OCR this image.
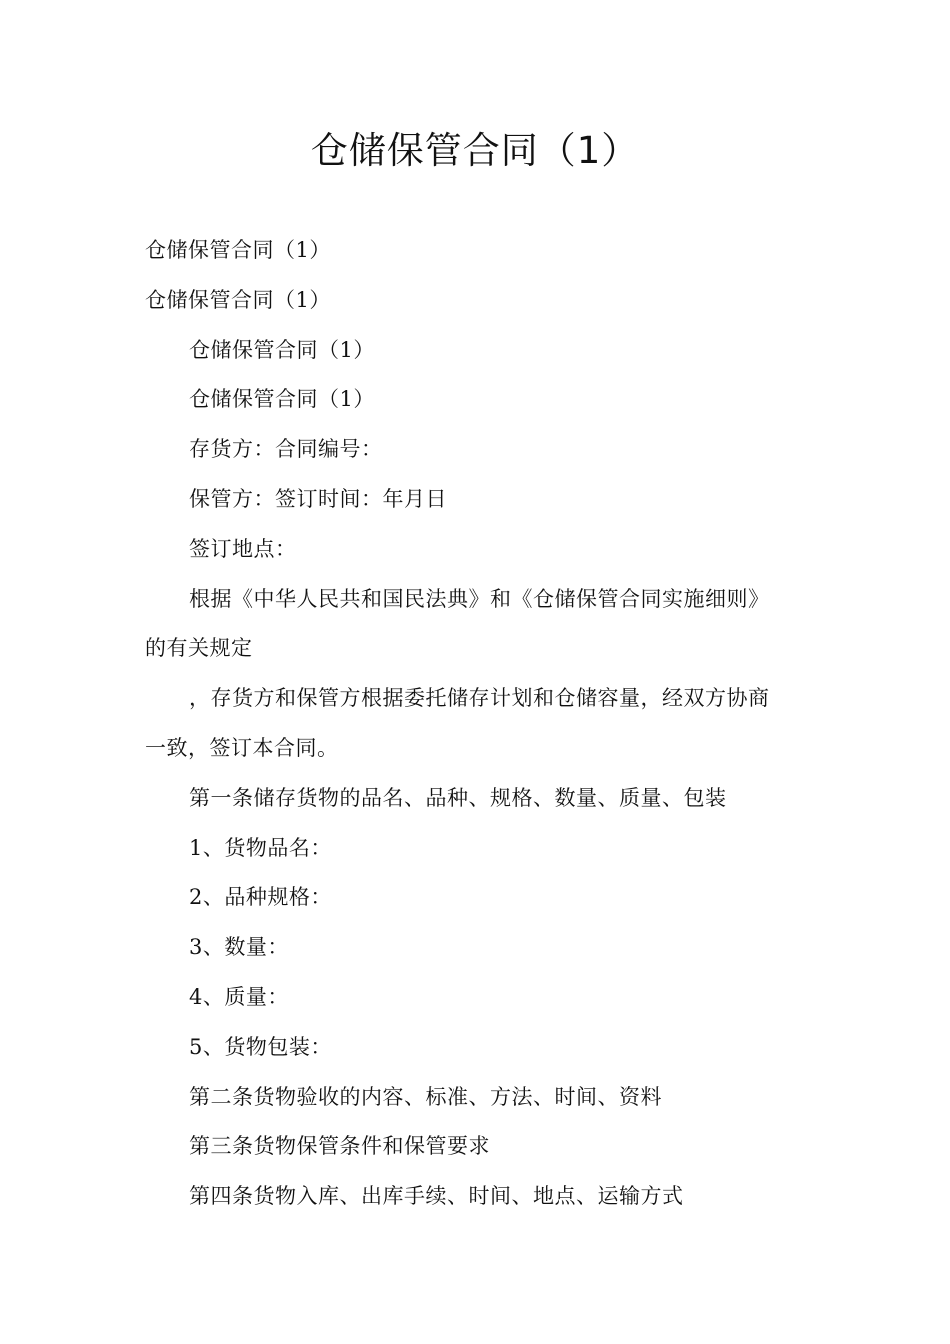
仓储保管合同（1）
仓储保管合同（1）
仓储保管合同（1）
仓储保管合同（1）
仓储保管合同（1）
存货方：合同编号：
保管方：签订时间：年月日
签订地点：
根据《中华人民共和国民法典》和《仓储保管合同实施细则》
的有关规定
，存货方和保管方根据委托储存计划和仓储容量，经双方协商
一致，签订本合同。
第一条储存货物的品名、品种、规格、数量、质量、包装
1、货物品名：
2、品种规格：
3、数量：
4、质量：
5、货物包装：
第二条货物验收的内容、标准、方法、时间、资料
第三条货物保管条件和保管要求
第四条货物入库、出库手续、时间、地点、运输方式
